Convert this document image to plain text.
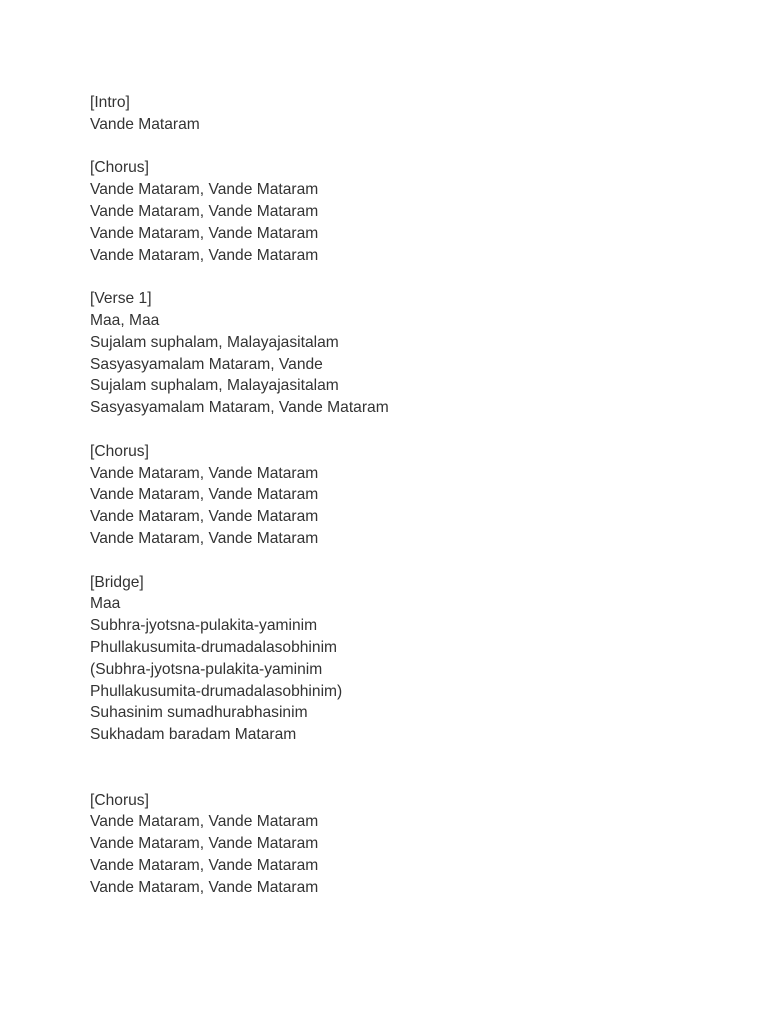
[Intro]
Vande Mataram
[Chorus]
Vande Mataram, Vande Mataram
Vande Mataram, Vande Mataram
Vande Mataram, Vande Mataram
Vande Mataram, Vande Mataram
[Verse 1]
Maa, Maa
Sujalam suphalam, Malayajasitalam
Sasyasyamalam Mataram, Vande
Sujalam suphalam, Malayajasitalam
Sasyasyamalam Mataram, Vande Mataram
[Chorus]
Vande Mataram, Vande Mataram
Vande Mataram, Vande Mataram
Vande Mataram, Vande Mataram
Vande Mataram, Vande Mataram
[Bridge]
Maa
Subhra-jyotsna-pulakita-yaminim
Phullakusumita-drumadalasobhinim
(Subhra-jyotsna-pulakita-yaminim
Phullakusumita-drumadalasobhinim)
Suhasinim sumadhurabhasinim
Sukhadam baradam Mataram
[Chorus]
Vande Mataram, Vande Mataram
Vande Mataram, Vande Mataram
Vande Mataram, Vande Mataram
Vande Mataram, Vande Mataram
